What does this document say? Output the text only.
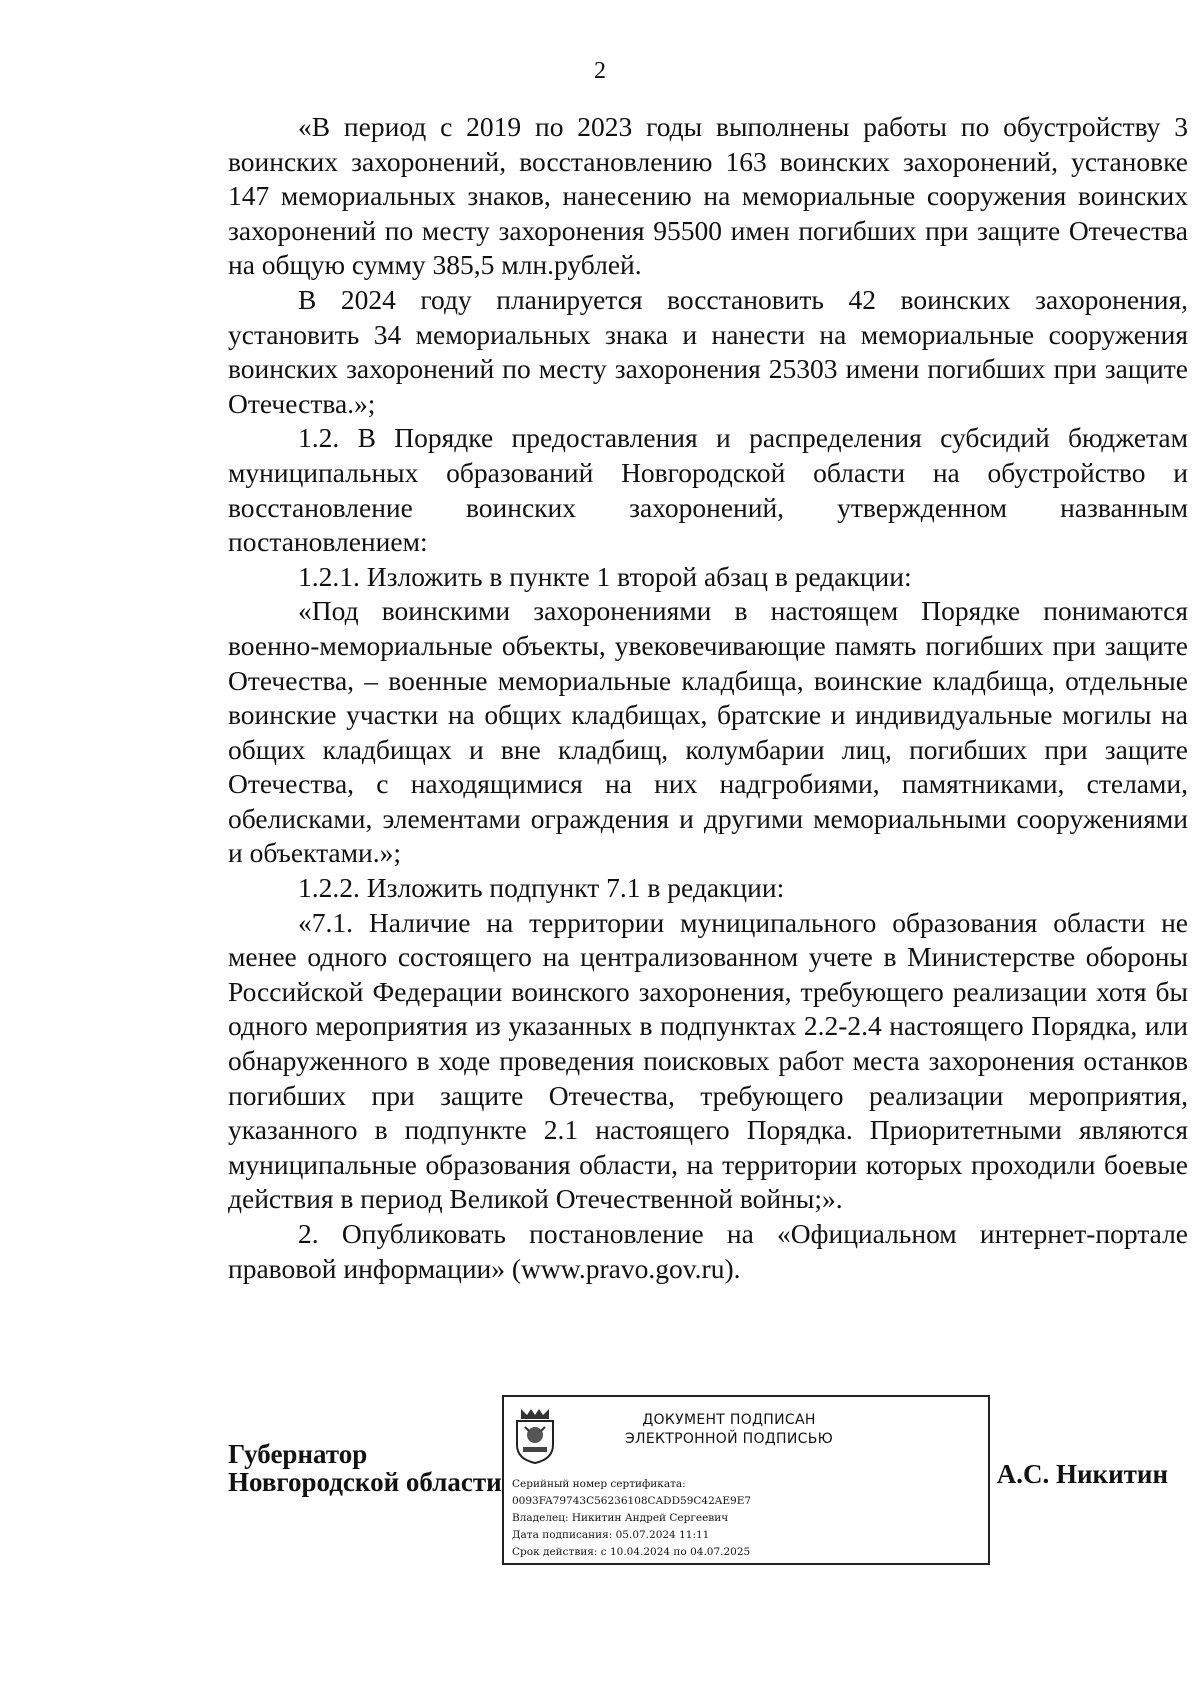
2

«В период с 2019 по 2023 годы выполнены работы по обустройству 3 воинских захоронений, восстановлению 163 воинских захоронений, установке 147 мемориальных знаков, нанесению на мемориальные сооружения воинских захоронений по месту захоронения 95500 имен погибших при защите Отечества на общую сумму 385,5 млн.рублей.

В 2024 году планируется восстановить 42 воинских захоронения, установить 34 мемориальных знака и нанести на мемориальные сооружения воинских захоронений по месту захоронения 25303 имени погибших при защите Отечества.»;

1.2. В Порядке предоставления и распределения субсидий бюджетам муниципальных образований Новгородской области на обустройство и восстановление воинских захоронений, утвержденном названным постановлением:

1.2.1. Изложить в пункте 1 второй абзац в редакции:

«Под воинскими захоронениями в настоящем Порядке понимаются военно-мемориальные объекты, увековечивающие память погибших при защите Отечества, – военные мемориальные кладбища, воинские кладбища, отдельные воинские участки на общих кладбищах, братские и индивидуальные могилы на общих кладбищах и вне кладбищ, колумбарии лиц, погибших при защите Отечества, с находящимися на них надгробиями, памятниками, стелами, обелисками, элементами ограждения и другими мемориальными сооружениями и объектами.»;

1.2.2. Изложить подпункт 7.1 в редакции:

«7.1. Наличие на территории муниципального образования области не менее одного состоящего на централизованном учете в Министерстве обороны Российской Федерации воинского захоронения, требующего реализации хотя бы одного мероприятия из указанных в подпунктах 2.2-2.4 настоящего Порядка, или обнаруженного в ходе проведения поисковых работ места захоронения останков погибших при защите Отечества, требующего реализации мероприятия, указанного в подпункте 2.1 настоящего Порядка. Приоритетными являются муниципальные образования области, на территории которых проходили боевые действия в период Великой Отечественной войны;».

2. Опубликовать постановление на «Официальном интернет-портале правовой информации» (www.pravo.gov.ru).

Губернатор
Новгородской области
ДОКУМЕНТ ПОДПИСАН
ЭЛЕКТРОННОЙ ПОДПИСЬЮ
Серийный номер сертификата:
0093FA79743C56236108CADD59C42AE9E7
Владелец: Никитин Андрей Сергеевич
Дата подписания: 05.07.2024 11:11
Срок действия: с 10.04.2024 по 04.07.2025
А.С. Никитин
